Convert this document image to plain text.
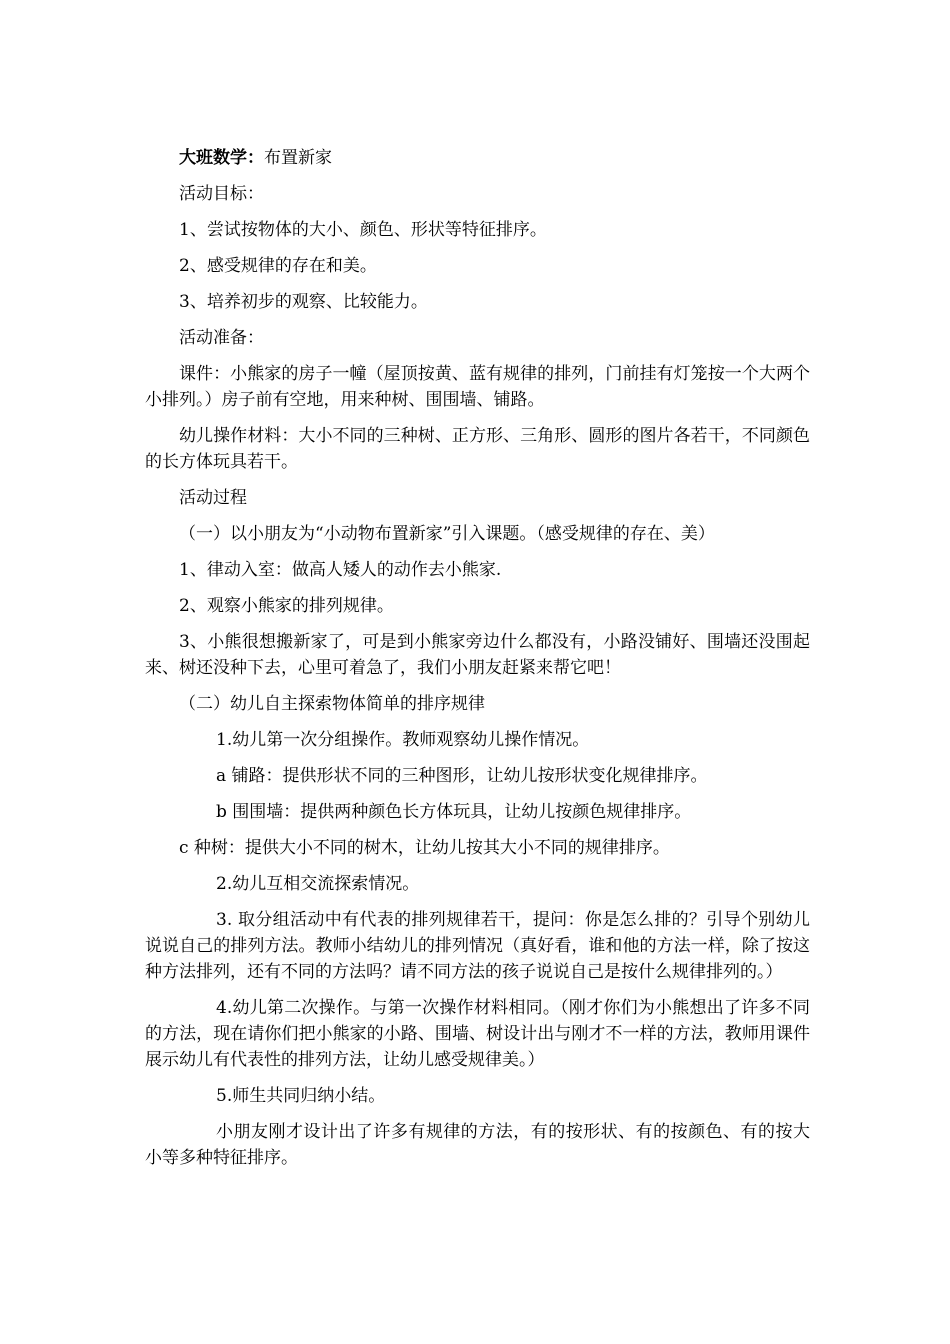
大班数学：布置新家

活动目标：

1、尝试按物体的大小、颜色、形状等特征排序。

2、感受规律的存在和美。

3、培养初步的观察、比较能力。

活动准备：

课件：小熊家的房子一幢（屋顶按黄、蓝有规律的排列，门前挂有灯笼按一个大两个小排列。）房子前有空地，用来种树、围围墙、铺路。

幼儿操作材料：大小不同的三种树、正方形、三角形、圆形的图片各若干，不同颜色的长方体玩具若干。

活动过程

（一）以小朋友为“小动物布置新家”引入课题。（感受规律的存在、美）

1、律动入室：做高人矮人的动作去小熊家.

2、观察小熊家的排列规律。

3、小熊很想搬新家了，可是到小熊家旁边什么都没有，小路没铺好、围墙还没围起来、树还没种下去，心里可着急了，我们小朋友赶紧来帮它吧！

（二）幼儿自主探索物体简单的排序规律

1.幼儿第一次分组操作。教师观察幼儿操作情况。

a 铺路：提供形状不同的三种图形，让幼儿按形状变化规律排序。

b 围围墙：提供两种颜色长方体玩具，让幼儿按颜色规律排序。

c 种树：提供大小不同的树木，让幼儿按其大小不同的规律排序。

2.幼儿互相交流探索情况。

3. 取分组活动中有代表的排列规律若干，提问：你是怎么排的？引导个别幼儿说说自己的排列方法。教师小结幼儿的排列情况（真好看，谁和他的方法一样，除了按这种方法排列，还有不同的方法吗？请不同方法的孩子说说自己是按什么规律排列的。）

4.幼儿第二次操作。与第一次操作材料相同。（刚才你们为小熊想出了许多不同的方法，现在请你们把小熊家的小路、围墙、树设计出与刚才不一样的方法，教师用课件展示幼儿有代表性的排列方法，让幼儿感受规律美。）

5.师生共同归纳小结。

小朋友刚才设计出了许多有规律的方法，有的按形状、有的按颜色、有的按大小等多种特征排序。
